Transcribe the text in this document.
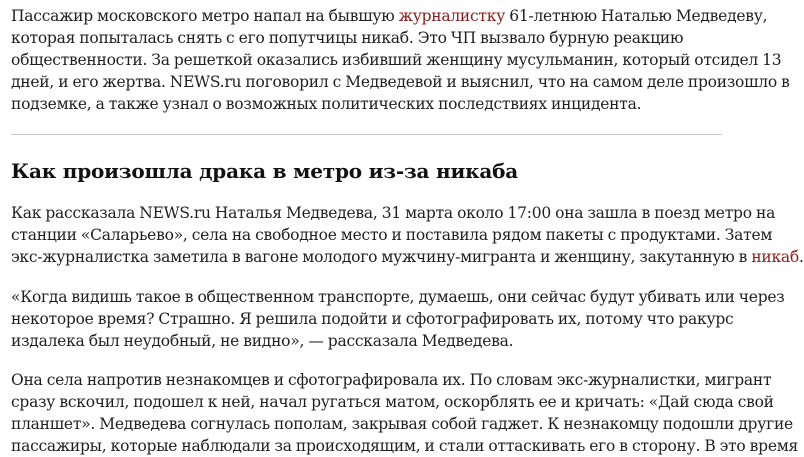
Пассажир московского метро напал на бывшую журналистку 61-летнюю Наталью Медведеву,
которая попыталась снять с его попутчицы никаб. Это ЧП вызвало бурную реакцию
общественности. За решеткой оказались избивший женщину мусульманин, который отсидел 13
дней, и его жертва. NEWS.ru поговорил с Медведевой и выяснил, что на самом деле произошло в
подземке, а также узнал о возможных политических последствиях инцидента.

Как произошла драка в метро из-за никаба

Как рассказала NEWS.ru Наталья Медведева, 31 марта около 17:00 она зашла в поезд метро на
станции «Саларьево», села на свободное место и поставила рядом пакеты с продуктами. Затем
экс-журналистка заметила в вагоне молодого мужчину-мигранта и женщину, закутанную в никаб.

«Когда видишь такое в общественном транспорте, думаешь, они сейчас будут убивать или через
некоторое время? Страшно. Я решила подойти и сфотографировать их, потому что ракурс
издалека был неудобный, не видно», — рассказала Медведева.

Она села напротив незнакомцев и сфотографировала их. По словам экс-журналистки, мигрант
сразу вскочил, подошел к ней, начал ругаться матом, оскорблять ее и кричать: «Дай сюда свой
планшет». Медведева согнулась пополам, закрывая собой гаджет. К незнакомцу подошли другие
пассажиры, которые наблюдали за происходящим, и стали оттаскивать его в сторону. В это время
